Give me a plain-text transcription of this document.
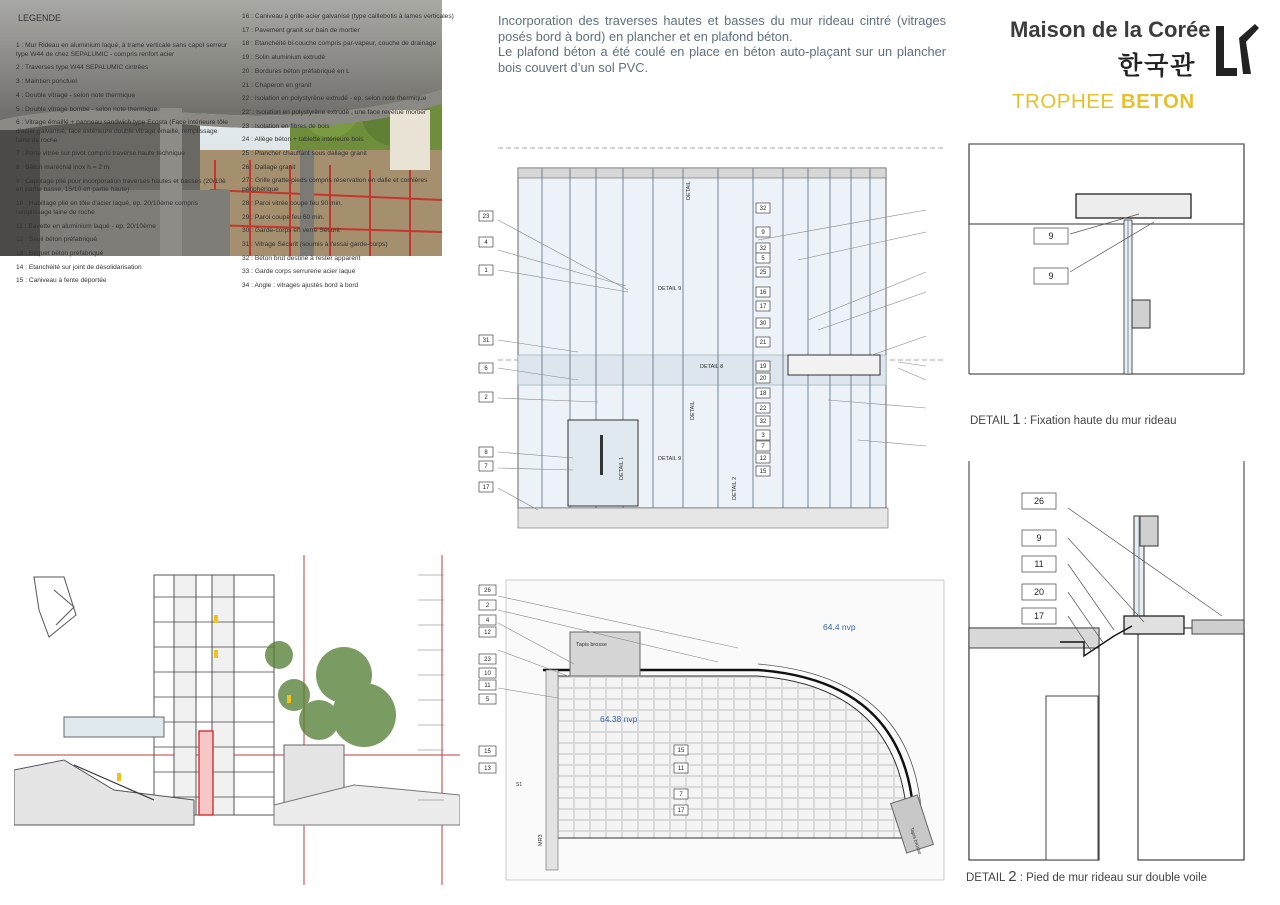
LEGENDE
1 : Mur Rideau en aluminium laqué, à trame verticale sans capot serreur type W44 de chez SEPALUMIC - compris renfort acier
2 : Traverses type W44 SEPALUMIC cintrées
3 : Maintien ponctuel
4 : Double vitrage - selon note thermique
5 : Double vitrage bombé - selon note thermique
6 : Vitrage émaillé + panneau sandwich type Ecosta (Face intérieure tôle d'acier galvanisé, face extérieure double vitrage émaillé, remplissage laine de roche
7 : Porte vitrée sur pivot compris traverse haute technique
8 : Bâton maréchal inox h = 2 m.
9 : Capotage plié pour incorporation traverses hautes et basses (20/10è en partie basse, 15/10 en partie haute)
10 : Habillage plié en tôle d'acier laqué, ep. 20/10ème compris remplissage laine de roche
11 : Bavette en aluminium laqué - ep. 20/10ème
12 : Seuil béton préfabriqué
13 : Béquet béton préfabriqué
14 : Etanchéité sur joint de désolidarisation
15 : Caniveau à fente déportée
16 : Caniveau à grille acier galvanisé (type caillebotis à lames verticales)
17 : Pavement granit sur bain de mortier
18 : Etanchéité bi-couche compris par-vapeur, couche de drainage
19 : Solin aluminium extrudé
20 : Bordures béton préfabriqué en L
21 : Chaperon en granit
22 : Isolation en polystyrène extrudé - ep. selon note thermique
22' : Isolation en polystyrène extrudé , une face revêtue mortier
23 : Isolation en fibres de bois
24 : Allège béton + tablette intérieure bois
25 : Plancher chauffant sous dallage granit
26 : Dallage granit
27 : Grille gratte-pieds compris réservation en dalle et cornières périphérique
28 : Paroi vitrée coupe feu 90 min.
29 : Paroi coupe feu 60 min.
30 : Garde-corps en verre Sécurit
31 : Vitrage Sécurit (soumis à l'essai garde-corps)
32 : Béton brut destiné à rester apparent
33 : Garde corps serrurerie acier laqué
34 : Angle : vitrages ajustés bord à bord
Incorporation des traverses hautes et basses du mur rideau cintré (vitrages posés bord à bord) en plancher et en plafond béton.
Le plafond béton a été coulé en place en béton auto-plaçant sur un plancher bois couvert d’un sol PVC.
Maison de la Corée
한국관
TROPHEE BETON
23
4
1
31
6
2
8
7
17
32
9
32
5
25
16
17
30
21
19
20
18
22
32
3
7
12
15
DETAIL 9
DETAIL 8
DETAIL 9
DETAIL 1
DETAIL 2
DETAIL
DETAIL
26
2
4
12
23
10
11
5
15
13
15
11
7
17
Tapis brosse
Tapis brosse
64.4 nvp
64.38 nvp
MR3
S1
9
9
DETAIL 1 : Fixation haute du mur rideau
26
9
11
20
17
DETAIL 2 : Pied de mur rideau sur double voile
